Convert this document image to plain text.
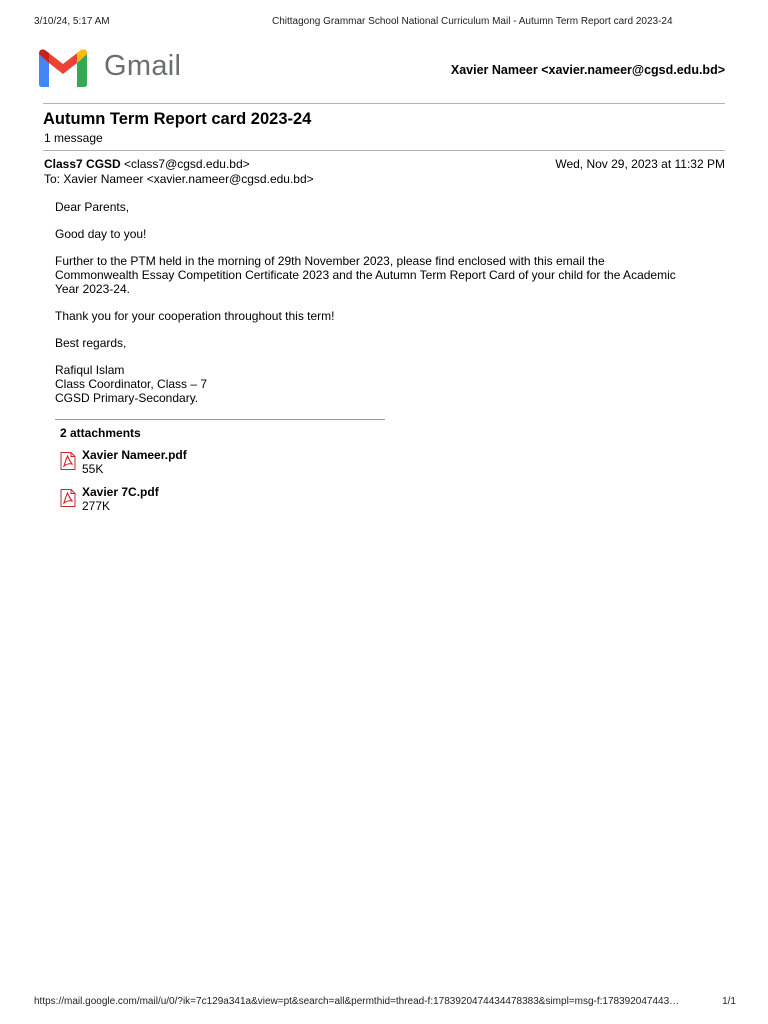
3/10/24, 5:17 AM	Chittagong Grammar School National Curriculum Mail - Autumn Term Report card 2023-24
Gmail	Xavier Nameer <xavier.nameer@cgsd.edu.bd>
Autumn Term Report card 2023-24
1 message
Class7 CGSD <class7@cgsd.edu.bd>	Wed, Nov 29, 2023 at 11:32 PM
To: Xavier Nameer <xavier.nameer@cgsd.edu.bd>

Dear Parents,

Good day to you!

Further to the PTM held in the morning of 29th November 2023, please find enclosed with this email the
Commonwealth Essay Competition Certificate 2023 and the Autumn Term Report Card of your child for the Academic
Year 2023-24.

Thank you for your cooperation throughout this term!

Best regards,

Rafiqul Islam
Class Coordinator, Class – 7
CGSD Primary-Secondary.

2 attachments
Xavier Nameer.pdf
55K
Xavier 7C.pdf
277K
https://mail.google.com/mail/u/0/?ik=7c129a341a&view=pt&search=all&permthid=thread-f:1783920474434478383&simpl=msg-f:178392047443…	1/1
